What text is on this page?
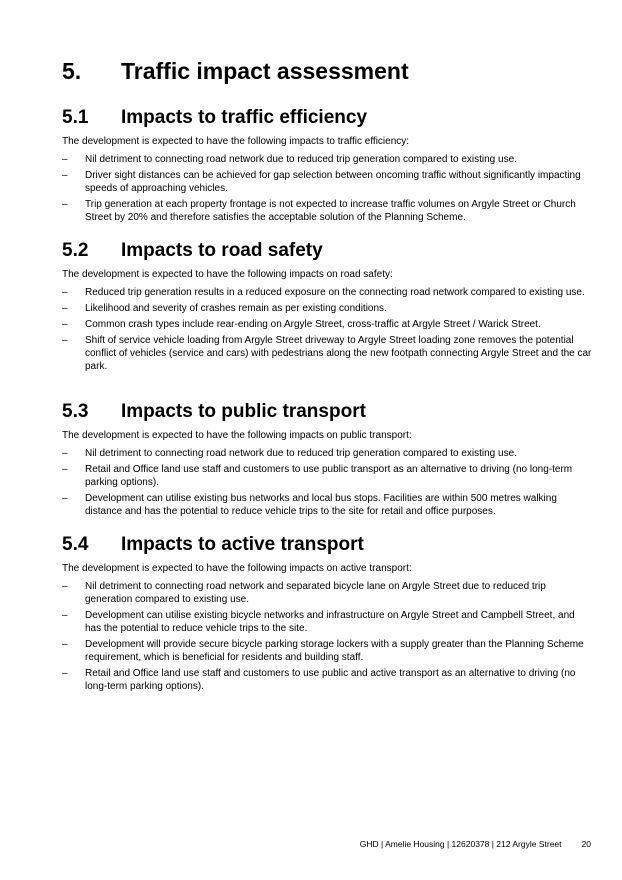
5. Traffic impact assessment
5.1 Impacts to traffic efficiency

The development is expected to have the following impacts to traffic efficiency:

– Nil detriment to connecting road network due to reduced trip generation compared to existing use.
– Driver sight distances can be achieved for gap selection between oncoming traffic without significantly impacting speeds of approaching vehicles.
– Trip generation at each property frontage is not expected to increase traffic volumes on Argyle Street or Church Street by 20% and therefore satisfies the acceptable solution of the Planning Scheme.
5.2 Impacts to road safety

The development is expected to have the following impacts on road safety:

– Reduced trip generation results in a reduced exposure on the connecting road network compared to existing use.
– Likelihood and severity of crashes remain as per existing conditions.
– Common crash types include rear-ending on Argyle Street, cross-traffic at Argyle Street / Warick Street.
– Shift of service vehicle loading from Argyle Street driveway to Argyle Street loading zone removes the potential conflict of vehicles (service and cars) with pedestrians along the new footpath connecting Argyle Street and the car park.
5.3 Impacts to public transport

The development is expected to have the following impacts on public transport:

– Nil detriment to connecting road network due to reduced trip generation compared to existing use.
– Retail and Office land use staff and customers to use public transport as an alternative to driving (no long-term parking options).
– Development can utilise existing bus networks and local bus stops. Facilities are within 500 metres walking distance and has the potential to reduce vehicle trips to the site for retail and office purposes.
5.4 Impacts to active transport

The development is expected to have the following impacts on active transport:

– Nil detriment to connecting road network and separated bicycle lane on Argyle Street due to reduced trip generation compared to existing use.
– Development can utilise existing bicycle networks and infrastructure on Argyle Street and Campbell Street, and has the potential to reduce vehicle trips to the site.
– Development will provide secure bicycle parking storage lockers with a supply greater than the Planning Scheme requirement, which is beneficial for residents and building staff.
– Retail and Office land use staff and customers to use public and active transport as an alternative to driving (no long-term parking options).
GHD | Amelie Housing | 12620378 | 212 Argyle Street 20
